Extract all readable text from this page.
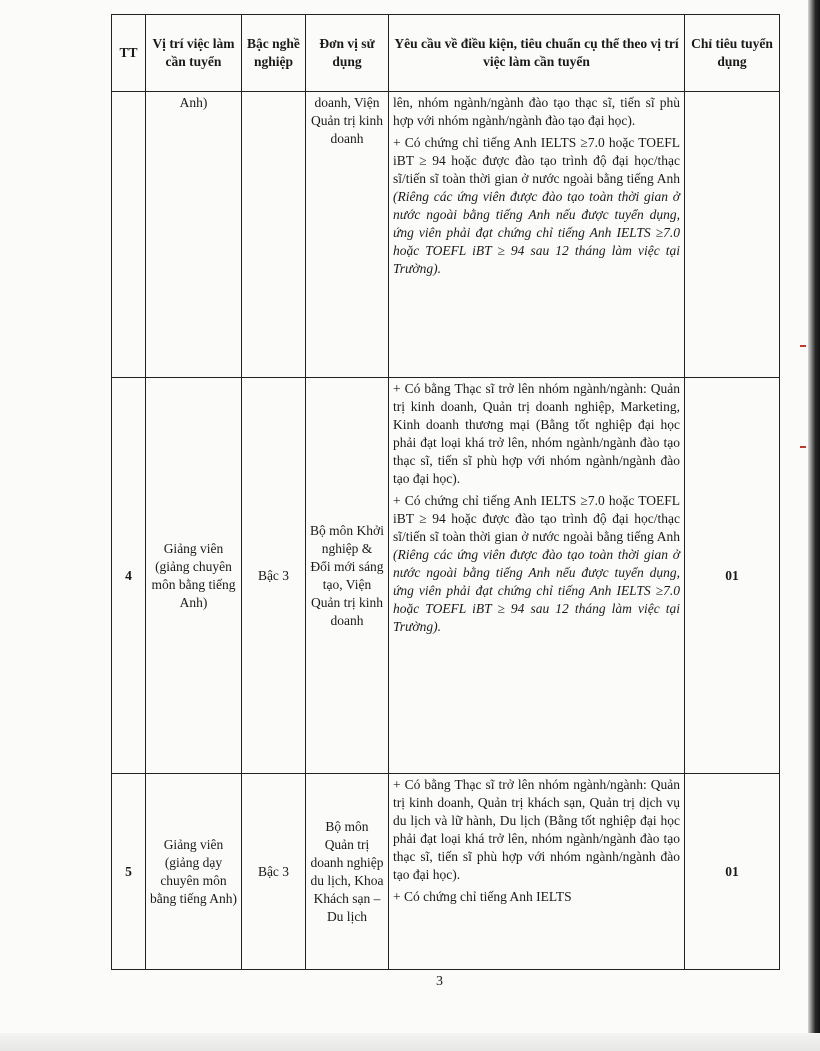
TT	Vị trí việc làm cần tuyển	Bậc nghề nghiệp	Đơn vị sử dụng	Yêu cầu về điều kiện, tiêu chuẩn cụ thể theo vị trí việc làm cần tuyển	Chỉ tiêu tuyển dụng
	Anh)		doanh, Viện Quản trị kinh doanh	lên, nhóm ngành/ngành đào tạo thạc sĩ, tiến sĩ phù hợp với nhóm ngành/ngành đào tạo đại học).

+ Có chứng chỉ tiếng Anh IELTS ≥7.0 hoặc TOEFL iBT ≥ 94 hoặc được đào tạo trình độ đại học/thạc sĩ/tiến sĩ toàn thời gian ở nước ngoài bằng tiếng Anh (Riêng các ứng viên được đào tạo toàn thời gian ở nước ngoài bằng tiếng Anh nếu được tuyển dụng, ứng viên phải đạt chứng chỉ tiếng Anh IELTS ≥7.0 hoặc TOEFL iBT ≥ 94 sau 12 tháng làm việc tại Trường).	

4	Giảng viên (giảng chuyên môn bằng tiếng Anh)	Bậc 3	Bộ môn Khởi nghiệp & Đổi mới sáng tạo, Viện Quản trị kinh doanh	+ Có bằng Thạc sĩ trở lên nhóm ngành/ngành: Quản trị kinh doanh, Quản trị doanh nghiệp, Marketing, Kinh doanh thương mại (Bằng tốt nghiệp đại học phải đạt loại khá trở lên, nhóm ngành/ngành đào tạo thạc sĩ, tiến sĩ phù hợp với nhóm ngành/ngành đào tạo đại học).

+ Có chứng chỉ tiếng Anh IELTS ≥7.0 hoặc TOEFL iBT ≥ 94 hoặc được đào tạo trình độ đại học/thạc sĩ/tiến sĩ toàn thời gian ở nước ngoài bằng tiếng Anh (Riêng các ứng viên được đào tạo toàn thời gian ở nước ngoài bằng tiếng Anh nếu được tuyển dụng, ứng viên phải đạt chứng chỉ tiếng Anh IELTS ≥7.0 hoặc TOEFL iBT ≥ 94 sau 12 tháng làm việc tại Trường).	01
5	Giảng viên (giảng dạy chuyên môn bằng tiếng Anh)	Bậc 3	Bộ môn Quản trị doanh nghiệp du lịch, Khoa Khách sạn – Du lịch	+ Có bằng Thạc sĩ trở lên nhóm ngành/ngành: Quản trị kinh doanh, Quản trị khách sạn, Quản trị dịch vụ du lịch và lữ hành, Du lịch (Bằng tốt nghiệp đại học phải đạt loại khá trở lên, nhóm ngành/ngành đào tạo thạc sĩ, tiến sĩ phù hợp với nhóm ngành/ngành đào tạo đại học).

+ Có chứng chỉ tiếng Anh IELTS	01
3
